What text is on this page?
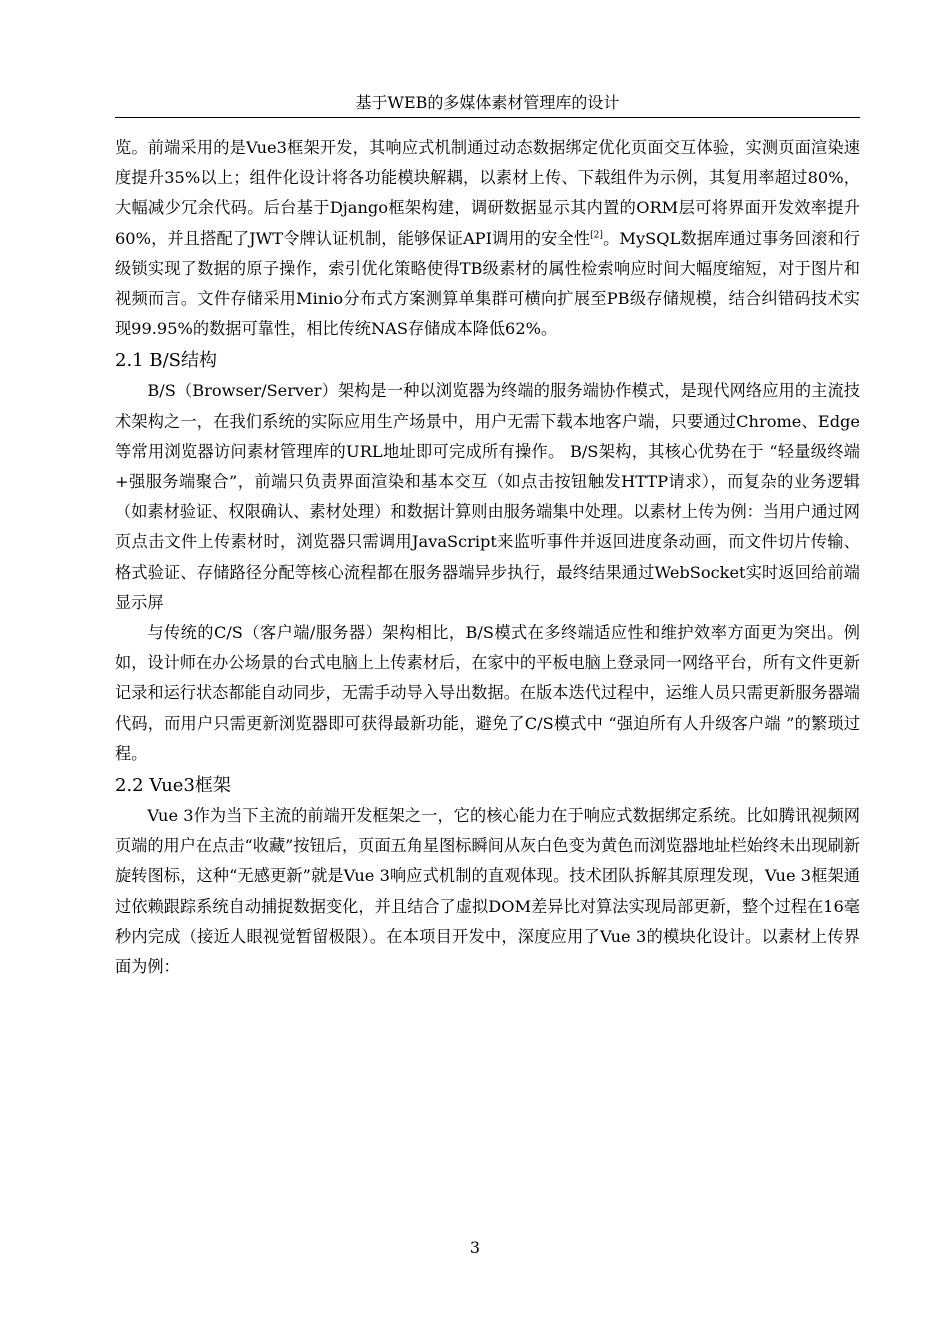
基于WEB的多媒体素材管理库的设计

览。前端采用的是Vue3框架开发，其响应式机制通过动态数据绑定优化页面交互体验，实测页面渲染速度提升35%以上；组件化设计将各功能模块解耦，以素材上传、下载组件为示例，其复用率超过80%，大幅减少冗余代码。后台基于Django框架构建，调研数据显示其内置的ORM层可将界面开发效率提升60%，并且搭配了JWT令牌认证机制，能够保证API调用的安全性[2]。MySQL数据库通过事务回滚和行级锁实现了数据的原子操作，索引优化策略使得TB级素材的属性检索响应时间大幅度缩短，对于图片和视频而言。文件存储采用Minio分布式方案测算单集群可横向扩展至PB级存储规模，结合纠错码技术实现99.95%的数据可靠性，相比传统NAS存储成本降低62%。

2.1 B/S结构

B/S（Browser/Server）架构是一种以浏览器为终端的服务端协作模式，是现代网络应用的主流技术架构之一，在我们系统的实际应用生产场景中，用户无需下载本地客户端，只要通过Chrome、Edge等常用浏览器访问素材管理库的URL地址即可完成所有操作。 B/S架构，其核心优势在于 “轻量级终端+强服务端聚合”，前端只负责界面渲染和基本交互（如点击按钮触发HTTP请求），而复杂的业务逻辑（如素材验证、权限确认、素材处理）和数据计算则由服务端集中处理。以素材上传为例：当用户通过网页点击文件上传素材时，浏览器只需调用JavaScript来监听事件并返回进度条动画，而文件切片传输、格式验证、存储路径分配等核心流程都在服务器端异步执行，最终结果通过WebSocket实时返回给前端显示屏

与传统的C/S（客户端/服务器）架构相比，B/S模式在多终端适应性和维护效率方面更为突出。例如，设计师在办公场景的台式电脑上上传素材后，在家中的平板电脑上登录同一网络平台，所有文件更新记录和运行状态都能自动同步，无需手动导入导出数据。在版本迭代过程中，运维人员只需更新服务器端代码，而用户只需更新浏览器即可获得最新功能，避免了C/S模式中 “强迫所有人升级客户端 ”的繁琐过程。

2.2 Vue3框架

Vue 3作为当下主流的前端开发框架之一，它的核心能力在于响应式数据绑定系统。比如腾讯视频网页端的用户在点击“收藏”按钮后，页面五角星图标瞬间从灰白色变为黄色而浏览器地址栏始终未出现刷新旋转图标，这种“无感更新”就是Vue 3响应式机制的直观体现。技术团队拆解其原理发现，Vue 3框架通过依赖跟踪系统自动捕捉数据变化，并且结合了虚拟DOM差异比对算法实现局部更新，整个过程在16毫秒内完成（接近人眼视觉暂留极限）。在本项目开发中，深度应用了Vue 3的模块化设计。以素材上传界面为例：

3
